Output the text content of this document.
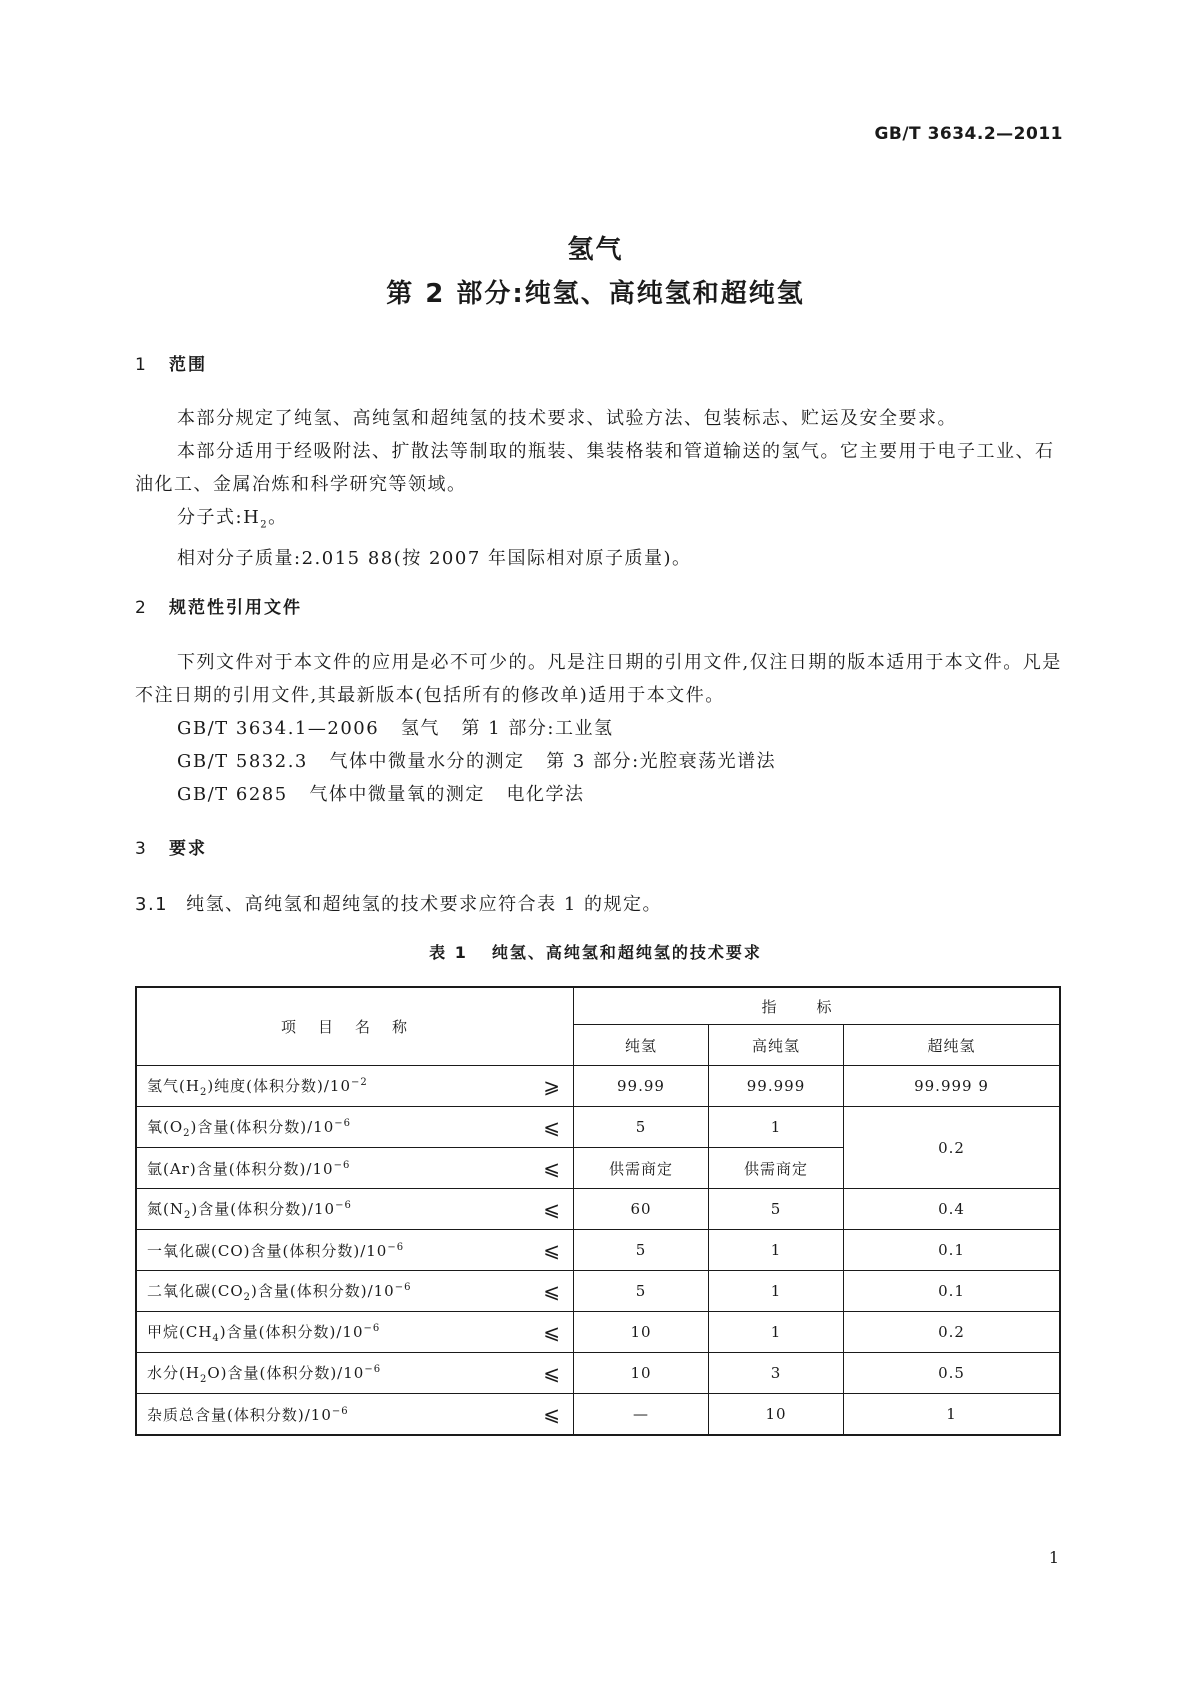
GB/T 3634.2—2011
氢气
第 2 部分:纯氢、高纯氢和超纯氢
1 范围
本部分规定了纯氢、高纯氢和超纯氢的技术要求、试验方法、包装标志、贮运及安全要求。
本部分适用于经吸附法、扩散法等制取的瓶装、集装格装和管道输送的氢气。它主要用于电子工业、石油化工、金属冶炼和科学研究等领域。
分子式$:H_2$。
相对分子质量:2.015 88(按 2007 年国际相对原子质量)。
2 规范性引用文件
下列文件对于本文件的应用是必不可少的。凡是注日期的引用文件,仅注日期的版本适用于本文件。凡是不注日期的引用文件,其最新版本(包括所有的修改单)适用于本文件。
GB/T 3634.1—2006   氢气   第 1 部分:工业氢
GB/T 5832.3   气体中微量水分的测定   第 3 部分:光腔衰荡光谱法
GB/T 6285   气体中微量氧的测定   电化学法
3 要求
3.1 纯氢、高纯氢和超纯氢的技术要求应符合表 1 的规定。
表 1 纯氢、高纯氢和超纯氢的技术要求
项目名称	指标		
	纯氢	高纯氢	超纯氢
氢气$(H_2)$纯度(体积分数)$/10^{-2}$ ⩾	99.99	99.999	99.999 9
氧$(O_2)$含量(体积分数)$/10^{-6}$ ⩽	5	1	0.2
氩(Ar)含量(体积分数)$/10^{-6}$ ⩽	供需商定	供需商定	
氮$(N_2)$含量(体积分数)$/10^{-6}$ ⩽	60	5	0.4
一氧化碳(CO)含量(体积分数)$/10^{-6}$ ⩽	5	1	0.1
二氧化碳$(CO_2)$含量(体积分数)$/10^{-6}$ ⩽	5	1	0.1
甲烷$(CH_4)$含量(体积分数)$/10^{-6}$ ⩽	10	1	0.2
水分$(H_2O)$含量(体积分数)$/10^{-6}$ ⩽	10	3	0.5
杂质总含量(体积分数)$/10^{-6}$ ⩽	—	10	1
1
